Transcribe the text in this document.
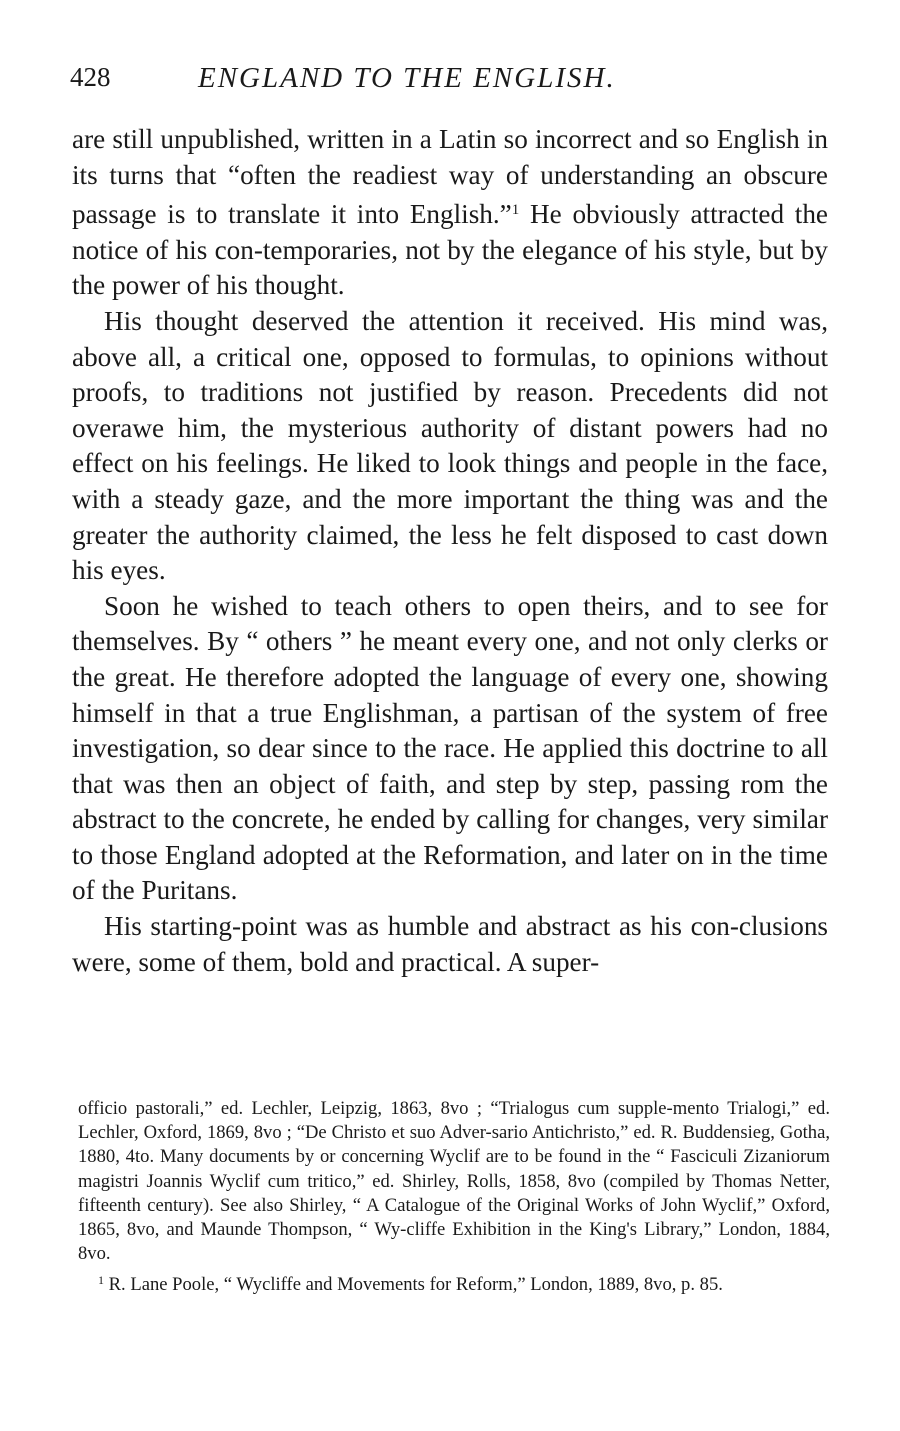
428	ENGLAND TO THE ENGLISH.

are still unpublished, written in a Latin so incorrect and so English in its turns that “often the readiest way of understanding an obscure passage is to translate it into English.”$^1$ He obviously attracted the notice of his con-temporaries, not by the elegance of his style, but by the power of his thought.

His thought deserved the attention it received. His mind was, above all, a critical one, opposed to formulas, to opinions without proofs, to traditions not justified by reason. Precedents did not overawe him, the mysterious authority of distant powers had no effect on his feelings. He liked to look things and people in the face, with a steady gaze, and the more important the thing was and the greater the authority claimed, the less he felt disposed to cast down his eyes.

Soon he wished to teach others to open theirs, and to see for themselves. By “ others ” he meant every one, and not only clerks or the great. He therefore adopted the language of every one, showing himself in that a true Englishman, a partisan of the system of free investigation, so dear since to the race. He applied this doctrine to all that was then an object of faith, and step by step, passing rom the abstract to the concrete, he ended by calling for changes, very similar to those England adopted at the Reformation, and later on in the time of the Puritans.

His starting-point was as humble and abstract as his con-clusions were, some of them, bold and practical. A super-

officio pastorali,” ed. Lechler, Leipzig, 1863, 8vo ; “Trialogus cum supple-mento Trialogi,” ed. Lechler, Oxford, 1869, 8vo ; “De Christo et suo Adver-sario Antichristo,” ed. R. Buddensieg, Gotha, 1880, 4to. Many documents by or concerning Wyclif are to be found in the “ Fasciculi Zizaniorum magistri Joannis Wyclif cum tritico,” ed. Shirley, Rolls, 1858, 8vo (compiled by Thomas Netter, fifteenth century). See also Shirley, “ A Catalogue of the Original Works of John Wyclif,” Oxford, 1865, 8vo, and Maunde Thompson, “ Wy-cliffe Exhibition in the King's Library,” London, 1884, 8vo.

$^1$ R. Lane Poole, “ Wycliffe and Movements for Reform,” London, 1889, 8vo, p. 85.
